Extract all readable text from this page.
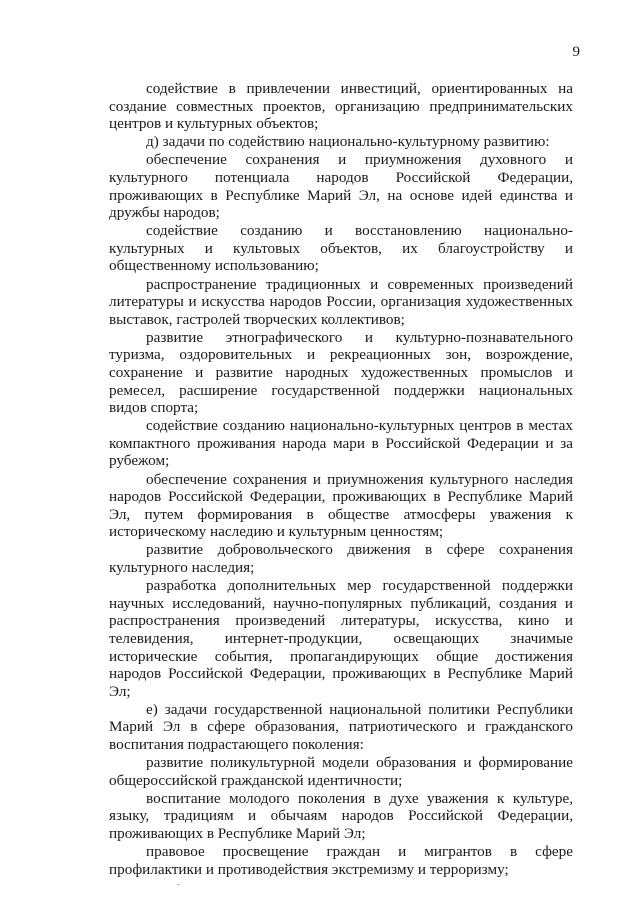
9

содействие в привлечении инвестиций, ориентированных на создание совместных проектов, организацию предпринимательских центров и культурных объектов;

д) задачи по содействию национально-культурному развитию:

обеспечение сохранения и приумножения духовного и культурного потенциала народов Российской Федерации, проживающих в Республике Марий Эл, на основе идей единства и дружбы народов;

содействие созданию и восстановлению национально-культурных и культовых объектов, их благоустройству и общественному использованию;

распространение традиционных и современных произведений литературы и искусства народов России, организация художественных выставок, гастролей творческих коллективов;

развитие этнографического и культурно-познавательного туризма, оздоровительных и рекреационных зон, возрождение, сохранение и развитие народных художественных промыслов и ремесел, расширение государственной поддержки национальных видов спорта;

содействие созданию национально-культурных центров в местах компактного проживания народа мари в Российской Федерации и за рубежом;

обеспечение сохранения и приумножения культурного наследия народов Российской Федерации, проживающих в Республике Марий Эл, путем формирования в обществе атмосферы уважения к историческому наследию и культурным ценностям;

развитие добровольческого движения в сфере сохранения культурного наследия;

разработка дополнительных мер государственной поддержки научных исследований, научно-популярных публикаций, создания и распространения произведений литературы, искусства, кино и телевидения, интернет-продукции, освещающих значимые исторические события, пропагандирующих общие достижения народов Российской Федерации, проживающих в Республике Марий Эл;

е) задачи государственной национальной политики Республики Марий Эл в сфере образования, патриотического и гражданского воспитания подрастающего поколения:

развитие поликультурной модели образования и формирование общероссийской гражданской идентичности;

воспитание молодого поколения в духе уважения к культуре, языку, традициям и обычаям народов Российской Федерации, проживающих в Республике Марий Эл;

правовое просвещение граждан и мигрантов в сфере профилактики и противодействия экстремизму и терроризму;
